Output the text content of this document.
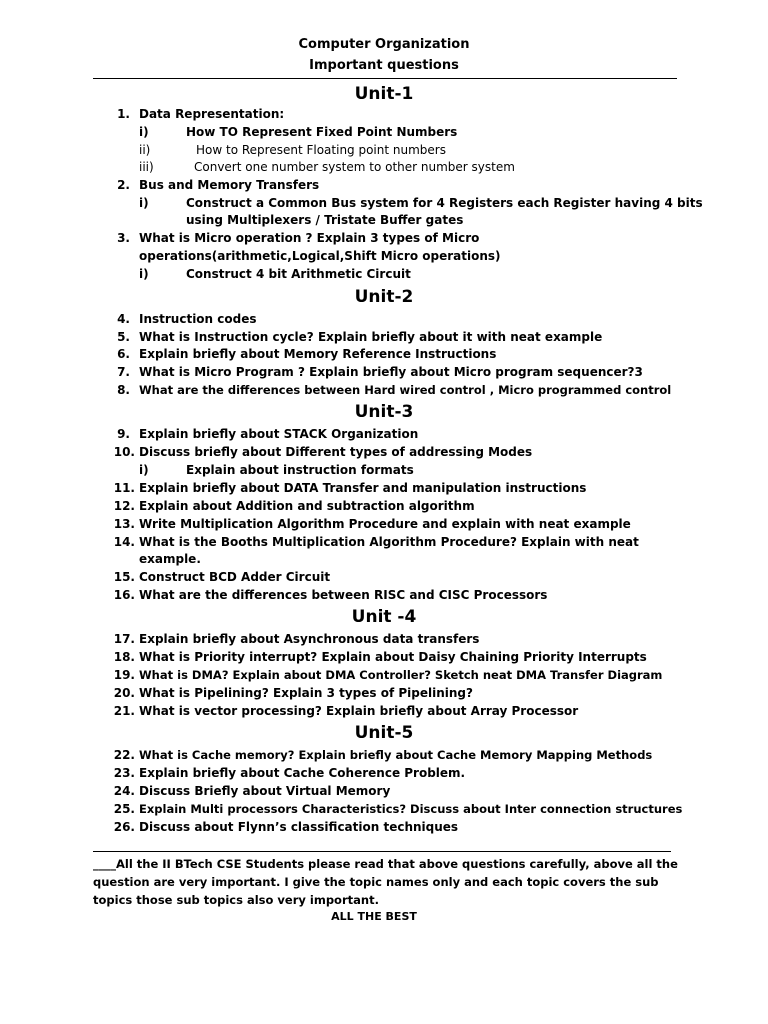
Computer Organization
Important questions
Unit-1
1. Data Representation:
i)	How TO Represent Fixed Point Numbers
ii)	How to Represent Floating point numbers
iii)	Convert one number system to other number system
2. Bus and Memory Transfers
i)	Construct a Common Bus system for 4 Registers each Register having 4 bits
using Multiplexers / Tristate Buffer gates
3. What is Micro operation ? Explain 3 types of Micro
operations(arithmetic,Logical,Shift Micro operations)
i)	Construct 4 bit Arithmetic Circuit
Unit-2
4. Instruction codes
5. What is Instruction cycle? Explain briefly about it with neat example
6. Explain briefly about Memory Reference Instructions
7. What is Micro Program ? Explain briefly about Micro program sequencer?3
8. What are the differences between Hard wired control , Micro programmed control
Unit-3
9. Explain briefly about STACK Organization
10. Discuss briefly about Different types of addressing Modes
i)	Explain about instruction formats
11. Explain briefly about DATA Transfer and manipulation instructions
12. Explain about Addition and subtraction algorithm
13. Write Multiplication Algorithm Procedure and explain with neat example
14. What is the Booths Multiplication Algorithm Procedure? Explain with neat
example.
15. Construct BCD Adder Circuit
16. What are the differences between RISC and CISC Processors
Unit -4
17. Explain briefly about Asynchronous data transfers
18. What is Priority interrupt? Explain about Daisy Chaining Priority Interrupts
19. What is DMA? Explain about DMA Controller? Sketch neat DMA Transfer Diagram
20. What is Pipelining? Explain 3 types of Pipelining?
21. What is vector processing? Explain briefly about Array Processor
Unit-5
22. What is Cache memory? Explain briefly about Cache Memory Mapping Methods
23. Explain briefly about Cache Coherence Problem.
24. Discuss Briefly about Virtual Memory
25. Explain Multi processors Characteristics? Discuss about Inter connection structures
26. Discuss about Flynn’s classification techniques
____All the II BTech CSE Students please read that above questions carefully, above all the
question are very important. I give the topic names only and each topic covers the sub
topics those sub topics also very important.
ALL THE BEST
